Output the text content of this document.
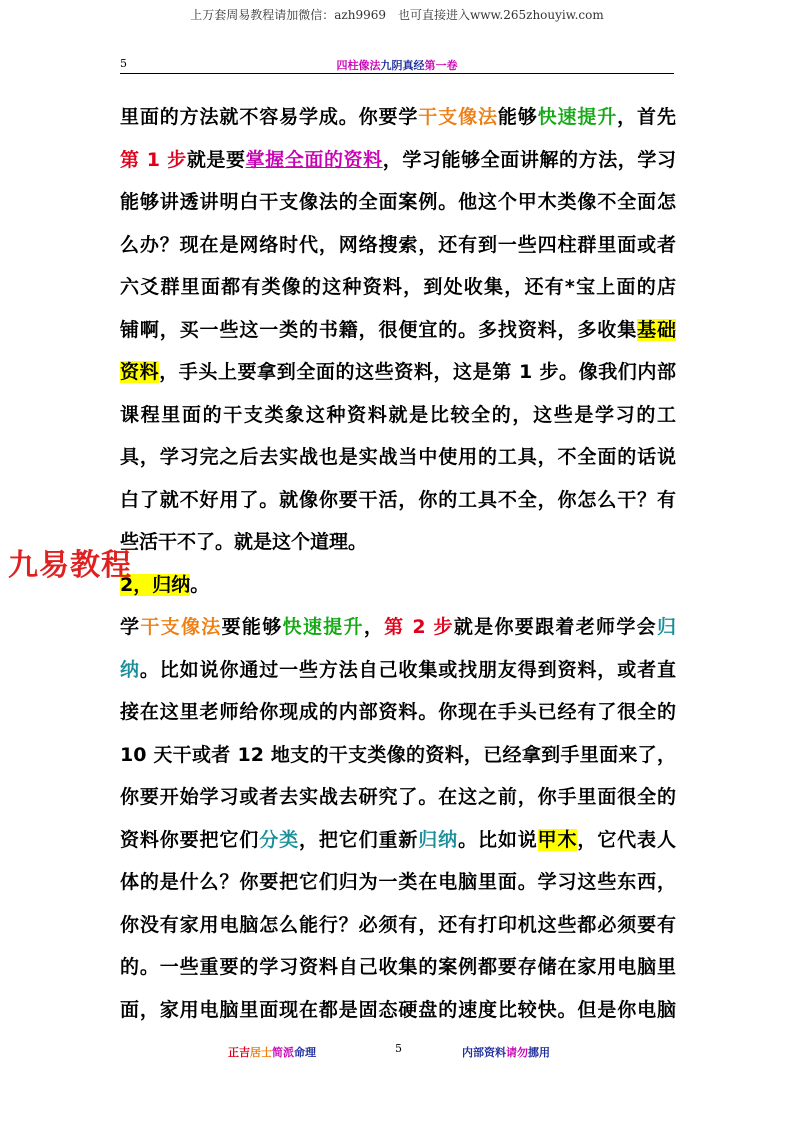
上万套周易教程请加微信：azh9969　也可直接进入www.265zhouyiw.com
5	四柱像法九阴真经第一卷
里面的方法就不容易学成。你要学干支像法能够快速提升，首先
第 1 步就是要掌握全面的资料，学习能够全面讲解的方法，学习
能够讲透讲明白干支像法的全面案例。他这个甲木类像不全面怎
么办？现在是网络时代，网络搜索，还有到一些四柱群里面或者
六爻群里面都有类像的这种资料，到处收集，还有*宝上面的店
铺啊，买一些这一类的书籍，很便宜的。多找资料，多收集基础
资料，手头上要拿到全面的这些资料，这是第 1 步。像我们内部
课程里面的干支类象这种资料就是比较全的，这些是学习的工
具，学习完之后去实战也是实战当中使用的工具，不全面的话说
白了就不好用了。就像你要干活，你的工具不全，你怎么干？有
些活干不了。就是这个道理。
2，归纳。
学干支像法要能够快速提升，第 2 步就是你要跟着老师学会归
纳。比如说你通过一些方法自己收集或找朋友得到资料，或者直
接在这里老师给你现成的内部资料。你现在手头已经有了很全的
10 天干或者 12 地支的干支类像的资料，已经拿到手里面来了，
你要开始学习或者去实战去研究了。在这之前，你手里面很全的
资料你要把它们分类，把它们重新归纳。比如说甲木，它代表人
体的是什么？你要把它们归为一类在电脑里面。学习这些东西，
你没有家用电脑怎么能行？必须有，还有打印机这些都必须要有
的。一些重要的学习资料自己收集的案例都要存储在家用电脑里
面，家用电脑里面现在都是固态硬盘的速度比较快。但是你电脑
九易教程
正吉居士简派命理	5	内部资料请勿挪用
